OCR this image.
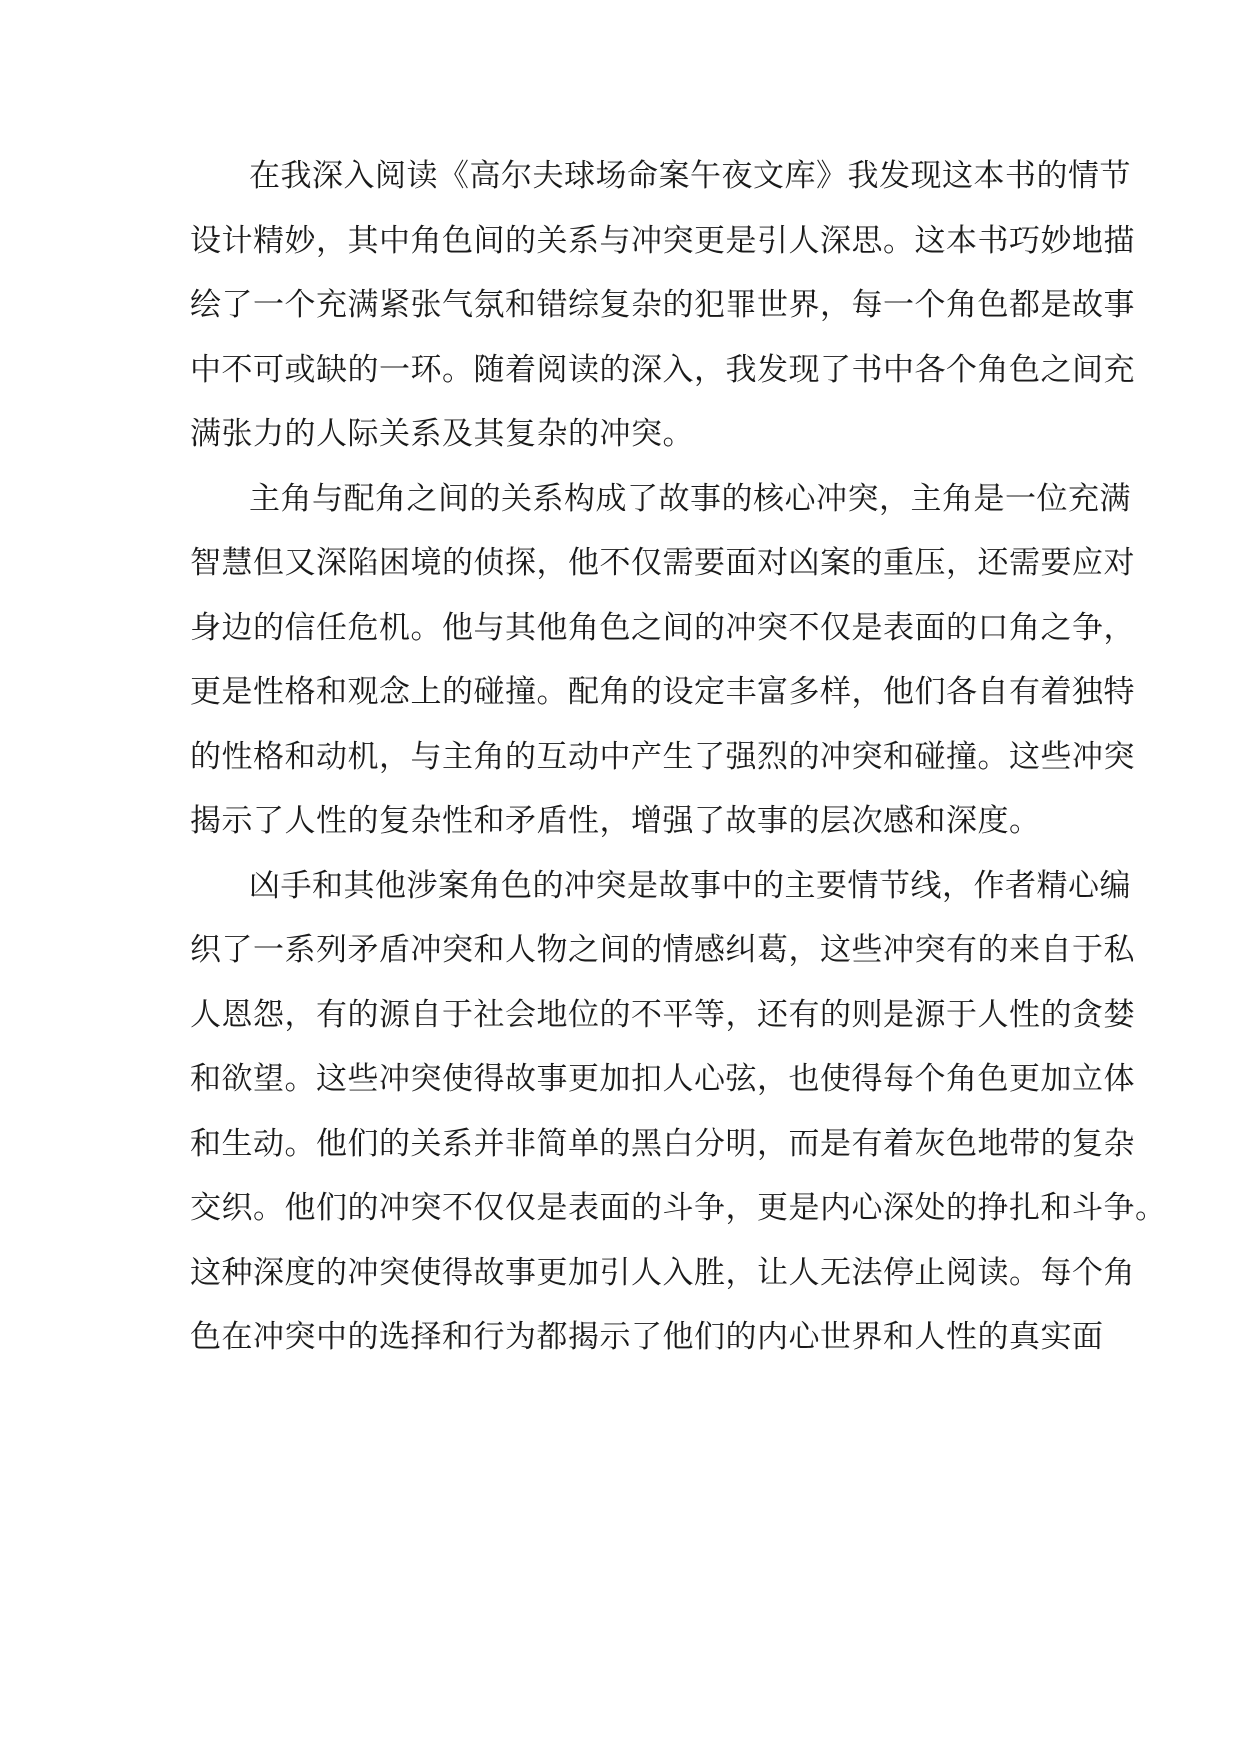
在我深入阅读《高尔夫球场命案午夜文库》我发现这本书的情节
设计精妙，其中角色间的关系与冲突更是引人深思。这本书巧妙地描
绘了一个充满紧张气氛和错综复杂的犯罪世界，每一个角色都是故事
中不可或缺的一环。随着阅读的深入，我发现了书中各个角色之间充
满张力的人际关系及其复杂的冲突。
主角与配角之间的关系构成了故事的核心冲突，主角是一位充满
智慧但又深陷困境的侦探，他不仅需要面对凶案的重压，还需要应对
身边的信任危机。他与其他角色之间的冲突不仅是表面的口角之争，
更是性格和观念上的碰撞。配角的设定丰富多样，他们各自有着独特
的性格和动机，与主角的互动中产生了强烈的冲突和碰撞。这些冲突
揭示了人性的复杂性和矛盾性，增强了故事的层次感和深度。
凶手和其他涉案角色的冲突是故事中的主要情节线，作者精心编
织了一系列矛盾冲突和人物之间的情感纠葛，这些冲突有的来自于私
人恩怨，有的源自于社会地位的不平等，还有的则是源于人性的贪婪
和欲望。这些冲突使得故事更加扣人心弦，也使得每个角色更加立体
和生动。他们的关系并非简单的黑白分明，而是有着灰色地带的复杂
交织。他们的冲突不仅仅是表面的斗争，更是内心深处的挣扎和斗争。
这种深度的冲突使得故事更加引人入胜，让人无法停止阅读。每个角
色在冲突中的选择和行为都揭示了他们的内心世界和人性的真实面
